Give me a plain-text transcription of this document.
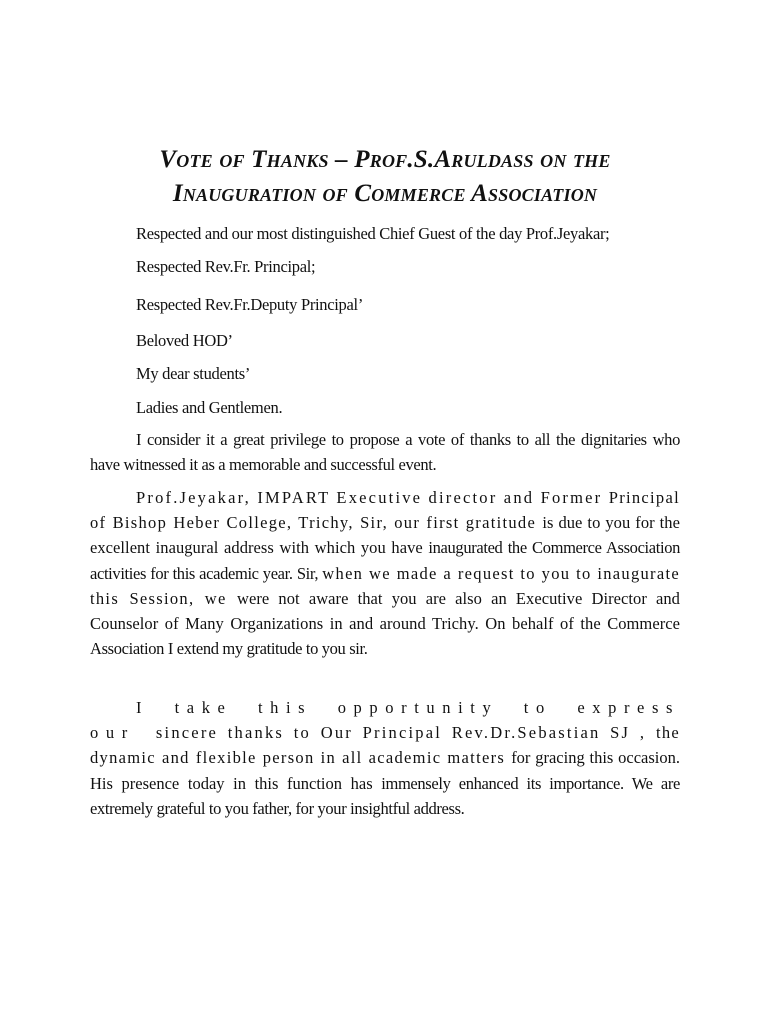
Vote of Thanks – Prof.S.Aruldass on the
Inauguration of Commerce Association
Respected and our most distinguished Chief Guest of the day Prof.Jeyakar;
Respected Rev.Fr. Principal;
Respected Rev.Fr.Deputy Principal’
Beloved HOD’
My dear students’
Ladies and Gentlemen.

I consider it a great privilege to propose a vote of thanks to all the dignitaries who have witnessed it as a memorable and successful event.

Prof.Jeyakar, IMPART Executive director and Former Principal of Bishop Heber College, Trichy, Sir, our first gratitude is due to you for the excellent inaugural address with which you have inaugurated the Commerce Association activities for this academic year. Sir, when we made a request to you to inaugurate this Session, we were not aware that you are also an Executive Director and Counselor of Many Organizations in and around Trichy. On behalf of the Commerce Association I extend my gratitude to you sir.

I take this opportunity to express our sincere thanks to Our Principal Rev.Dr.Sebastian SJ , the dynamic and flexible person in all academic matters for gracing this occasion. His presence today in this function has immensely enhanced its importance. We are extremely grateful to you father, for your insightful address.
